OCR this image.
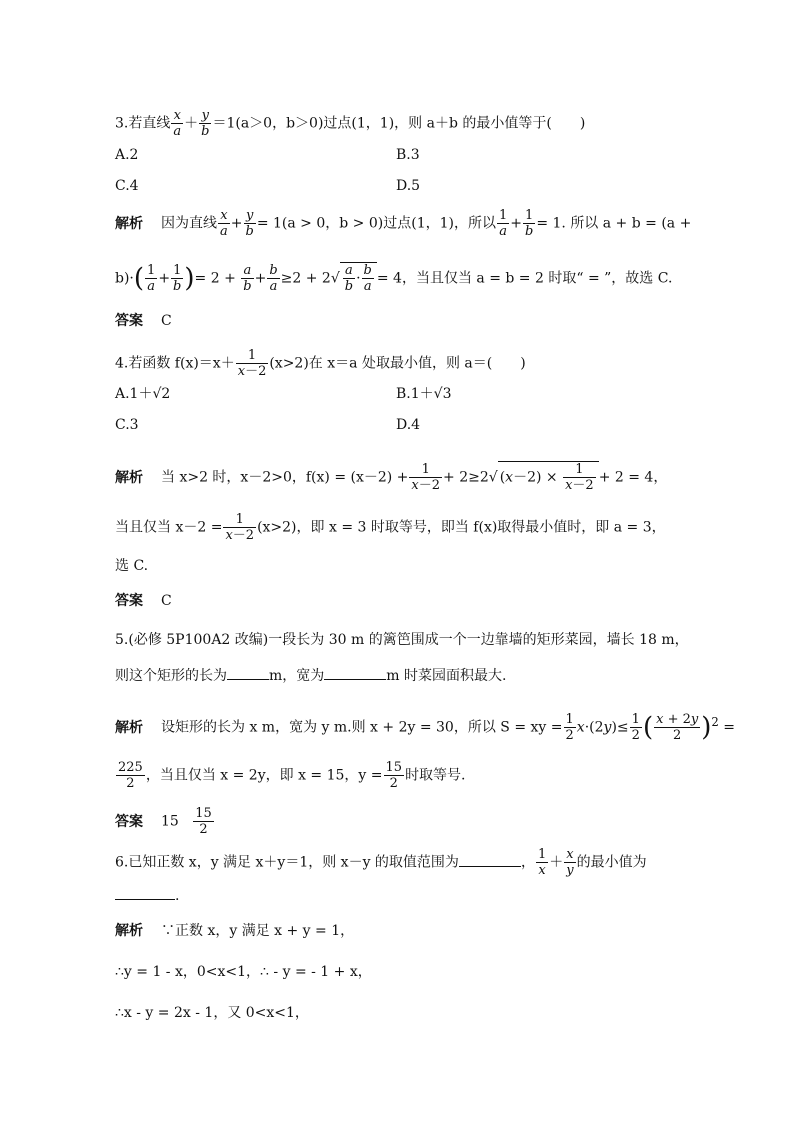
3.若直线 $\frac{x}{a} + \frac{y}{b} =1(a>0$，b＞0)过点(1，1)，则 a＋b 的最小值等于(　　)
A.2	B.3
C.4	D.5
解析 因为直线 $\frac{x}{a} + \frac{y}{b} = 1(a > 0$，b > 0)过点(1，1)，所以 $\frac{1}{a} + \frac{1}{b} = 1$. 所以 a + b = (a +
$b)\cdot( \frac{1}{a} + \frac{1}{b}$ )= $2 + \frac{a}{b} + \frac{b}{a} \ge 2 + 2√ \frac{a}{b} \cdot \frac{b}{a} = 4$，当且仅当 a = b = 2 时取“ = ”，故选 C.
答案 C
4.若函数 $f(x)=x+ \frac{1}{x-2} (x>2)$在 x＝a 处取最小值，则 a＝(　　)
A.1＋√2	B.1＋√3
C.3	D.4
解析 当 x>2 时，x－2>0，$f(x) = (x-2) + \frac{1}{x-2} + 2\ge 2√$ $(x-2) \times \frac{1}{x-2} + 2 = 4$，
当且仅当 $x-2 = \frac{1}{x-2} (x>2)$，即 x = 3 时取等号，即当 f(x)取得最小值时，即 a = 3，
选 C.
答案 C
5.(必修 5P100A2 改编)一段长为 30 m 的篱笆围成一个一边靠墙的矩形菜园，墙长 18 m，
则这个矩形的长为	m，宽为	m 时菜园面积最大.
解析 设矩形的长为 x m，宽为 y m.则 x + 2y = 30，所以 S = xy = $\frac{1}{2} x\cdot(2y)\le \frac{1}{2}$ ( $\frac{x + 2y}{2} )^2$ =
$\frac{225}{2}$ ，当且仅当 x = 2y，即 x = 15，$y = \frac{15}{2}$ 时取等号.
答案 $15 \frac{15}{2}$
6.已知正数 x，y 满足 x＋y＝1，则 x－y 的取值范围为	， $\frac{1}{x} + \frac{x}{y}$ 的最小值为
.
解析 ∵正数 x，y 满足 x + y = 1，
∴y = 1 - x，0<x<1，∴ - y = - 1 + x，
∴x - y = 2x - 1，又 0<x<1，
